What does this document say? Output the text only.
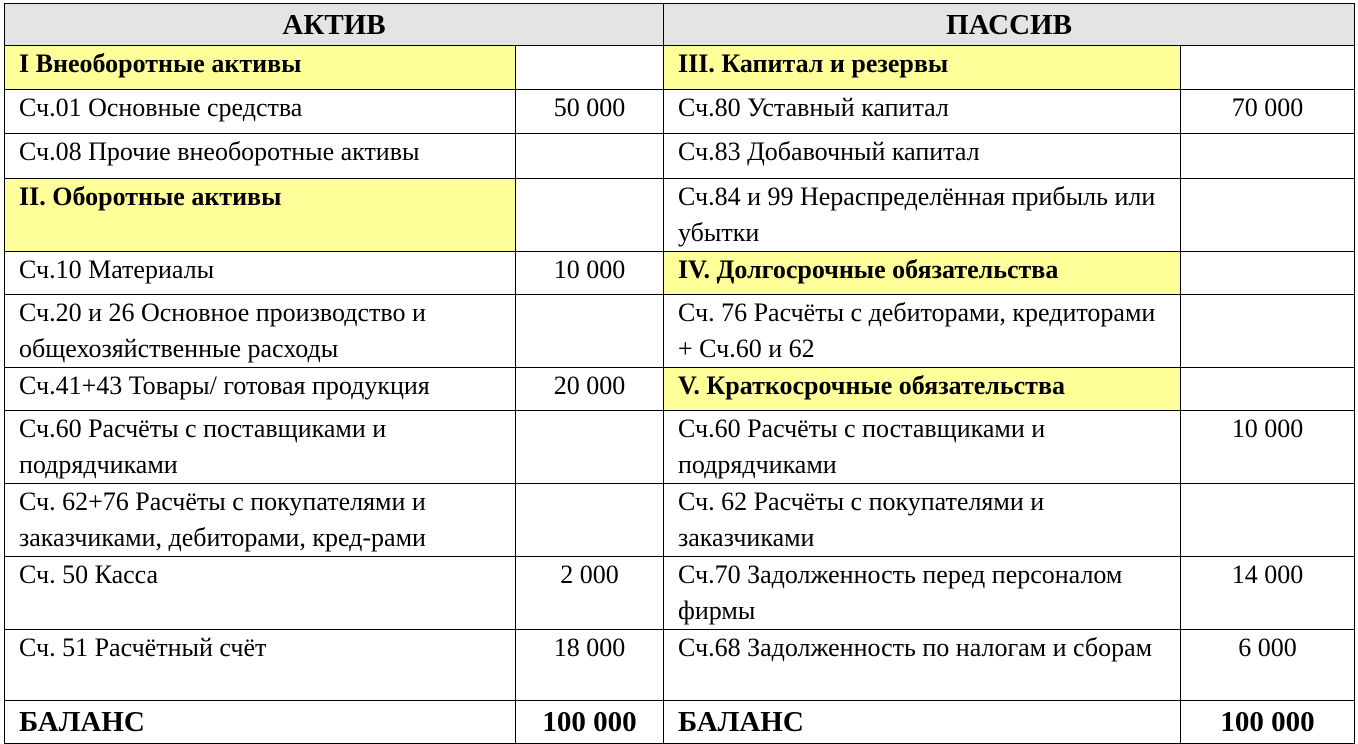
АКТИВ		ПАССИВ	
I Внеоборотные активы		III. Капитал и резервы	
Сч.01 Основные средства	50 000	Сч.80 Уставный капитал	70 000
Сч.08 Прочие внеоборотные активы		Сч.83 Добавочный капитал	
II. Оборотные активы		Сч.84 и 99 Нераспределённая прибыль или убытки	
Сч.10 Материалы	10 000	IV. Долгосрочные обязательства	
Сч.20 и 26 Основное производство и общехозяйственные расходы		Сч. 76 Расчёты с дебиторами, кредиторами + Сч.60 и 62	
Сч.41+43 Товары/ готовая продукция	20 000	V. Краткосрочные обязательства	
Сч.60 Расчёты с поставщиками и подрядчиками		Сч.60 Расчёты с поставщиками и подрядчиками	10 000
Сч. 62+76 Расчёты с покупателями и заказчиками, дебиторами, кред-рами		Сч. 62 Расчёты с покупателями и заказчиками	
Сч. 50 Касса	2 000	Сч.70 Задолженность перед персоналом фирмы	14 000
Сч. 51 Расчётный счёт	18 000	Сч.68 Задолженность по налогам и сборам	6 000
БАЛАНС	100 000	БАЛАНС	100 000
